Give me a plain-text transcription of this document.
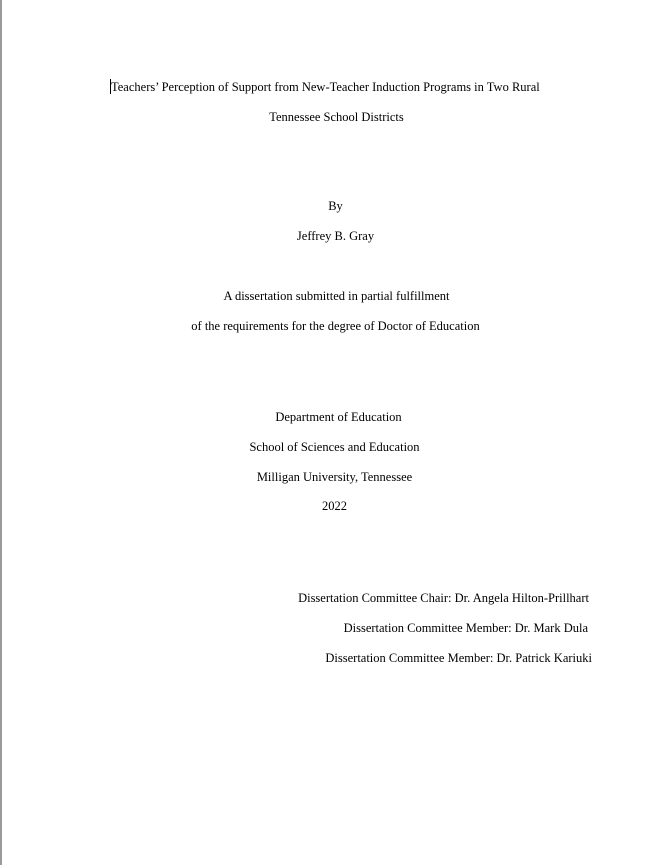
Teachers’ Perception of Support from New-Teacher Induction Programs in Two Rural
Tennessee School Districts
By
Jeffrey B. Gray
A dissertation submitted in partial fulfillment
of the requirements for the degree of Doctor of Education
Department of Education
School of Sciences and Education
Milligan University, Tennessee
2022
Dissertation Committee Chair: Dr. Angela Hilton-Prillhart
Dissertation Committee Member: Dr. Mark Dula
Dissertation Committee Member: Dr. Patrick Kariuki
